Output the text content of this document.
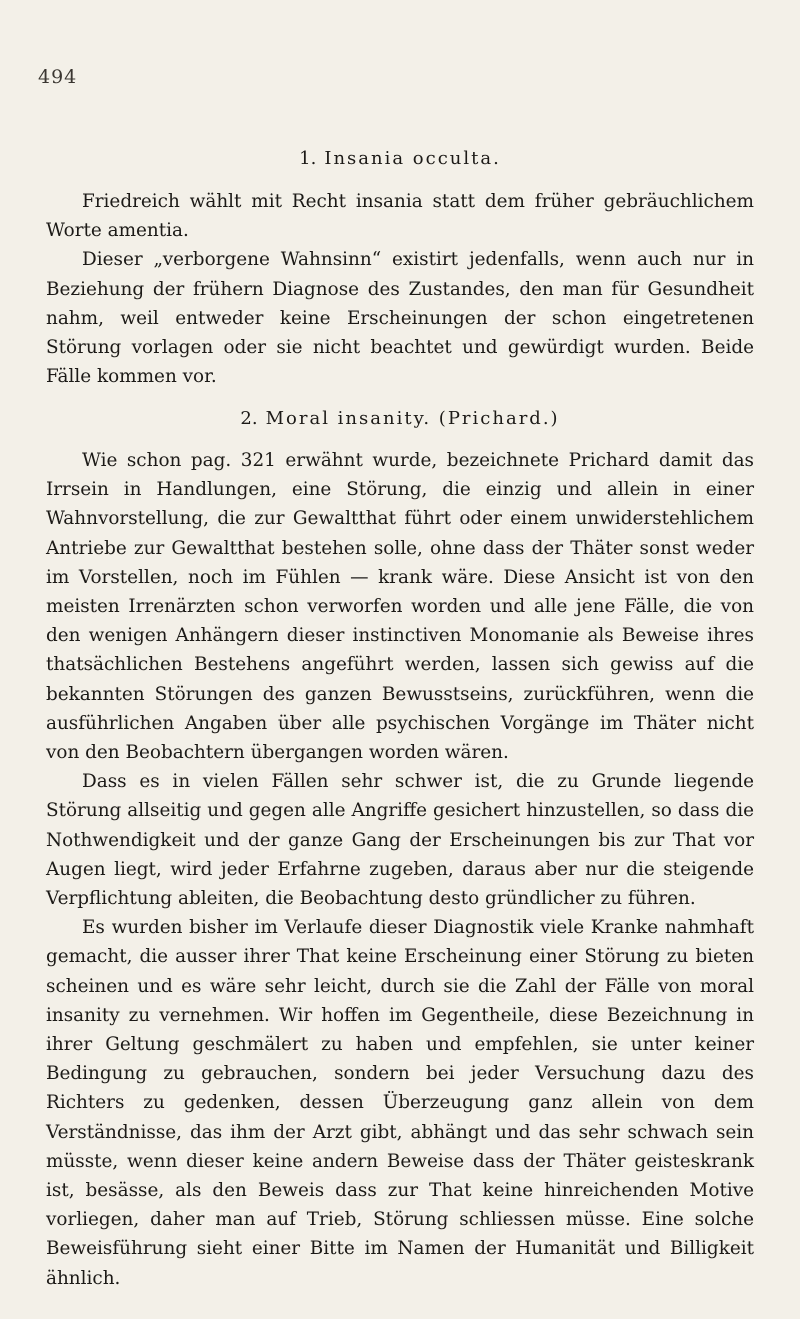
494
1. Insania occulta.

Friedreich wählt mit Recht insania statt dem früher gebräuchlichem Worte amentia.

Dieser „verborgene Wahnsinn“ existirt jedenfalls, wenn auch nur in Beziehung der frühern Diagnose des Zustandes, den man für Gesundheit nahm, weil entweder keine Erscheinungen der schon eingetretenen Störung vorlagen oder sie nicht beachtet und gewürdigt wurden. Beide Fälle kommen vor.

2. Moral insanity. (Prichard.)

Wie schon pag. 321 erwähnt wurde, bezeichnete Prichard damit das Irrsein in Handlungen, eine Störung, die einzig und allein in einer Wahnvorstellung, die zur Gewaltthat führt oder einem unwiderstehlichem Antriebe zur Gewaltthat bestehen solle, ohne dass der Thäter sonst weder im Vorstellen, noch im Fühlen — krank wäre. Diese Ansicht ist von den meisten Irrenärzten schon verworfen worden und alle jene Fälle, die von den wenigen Anhängern dieser instinctiven Monomanie als Beweise ihres thatsächlichen Bestehens angeführt werden, lassen sich gewiss auf die bekannten Störungen des ganzen Bewusstseins, zurückführen, wenn die ausführlichen Angaben über alle psychischen Vorgänge im Thäter nicht von den Beobachtern übergangen worden wären.

Dass es in vielen Fällen sehr schwer ist, die zu Grunde liegende Störung allseitig und gegen alle Angriffe gesichert hinzustellen, so dass die Nothwendigkeit und der ganze Gang der Erscheinungen bis zur That vor Augen liegt, wird jeder Erfahrne zugeben, daraus aber nur die steigende Verpflichtung ableiten, die Beobachtung desto gründlicher zu führen.

Es wurden bisher im Verlaufe dieser Diagnostik viele Kranke nahmhaft gemacht, die ausser ihrer That keine Erscheinung einer Störung zu bieten scheinen und es wäre sehr leicht, durch sie die Zahl der Fälle von moral insanity zu vernehmen. Wir hoffen im Gegentheile, diese Bezeichnung in ihrer Geltung geschmälert zu haben und empfehlen, sie unter keiner Bedingung zu gebrauchen, sondern bei jeder Versuchung dazu des Richters zu gedenken, dessen Überzeugung ganz allein von dem Verständnisse, das ihm der Arzt gibt, abhängt und das sehr schwach sein müsste, wenn dieser keine andern Beweise dass der Thäter geisteskrank ist, besässe, als den Beweis dass zur That keine hinreichenden Motive vorliegen, daher man auf Trieb, Störung schliessen müsse. Eine solche Beweisführung sieht einer Bitte im Namen der Humanität und Billigkeit ähnlich.
